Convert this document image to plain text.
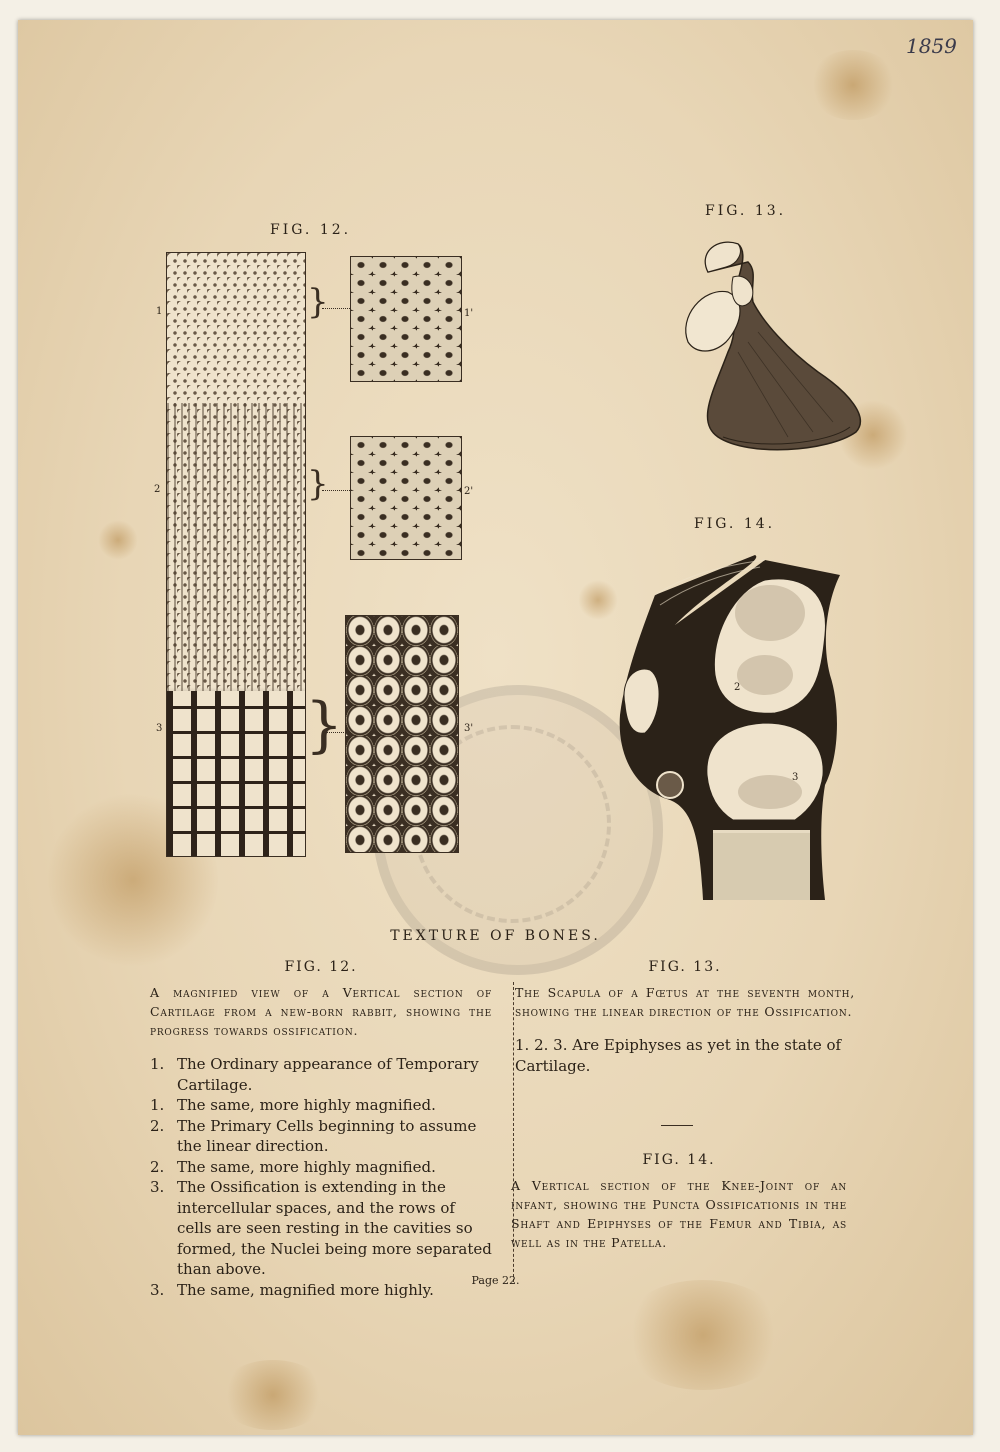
1859
FIG. 12.
1
2
3
}
}
}
1'
2'
3'
FIG. 13.
FIG. 14.
2
3
TEXTURE OF BONES.
FIG. 12.
A magnified view of a Vertical section of Cartilage from a new-born rabbit, showing the progress towards ossification.
1. The Ordinary appearance of Temporary Cartilage.
1. The same, more highly magnified.
2. The Primary Cells beginning to assume the linear direction.
2. The same, more highly magnified.
3. The Ossification is extending in the intercellular spaces, and the rows of cells are seen resting in the cavities so formed, the Nuclei being more separated than above.
3. The same, magnified more highly.
FIG. 13.
The Scapula of a Fœtus at the seventh month, showing the linear direction of the Ossification.
1. 2. 3. Are Epiphyses as yet in the state of Cartilage.
FIG. 14.
A Vertical section of the Knee-Joint of an infant, showing the Puncta Ossificationis in the Shaft and Epiphyses of the Femur and Tibia, as well as in the Patella.
Page 22.
